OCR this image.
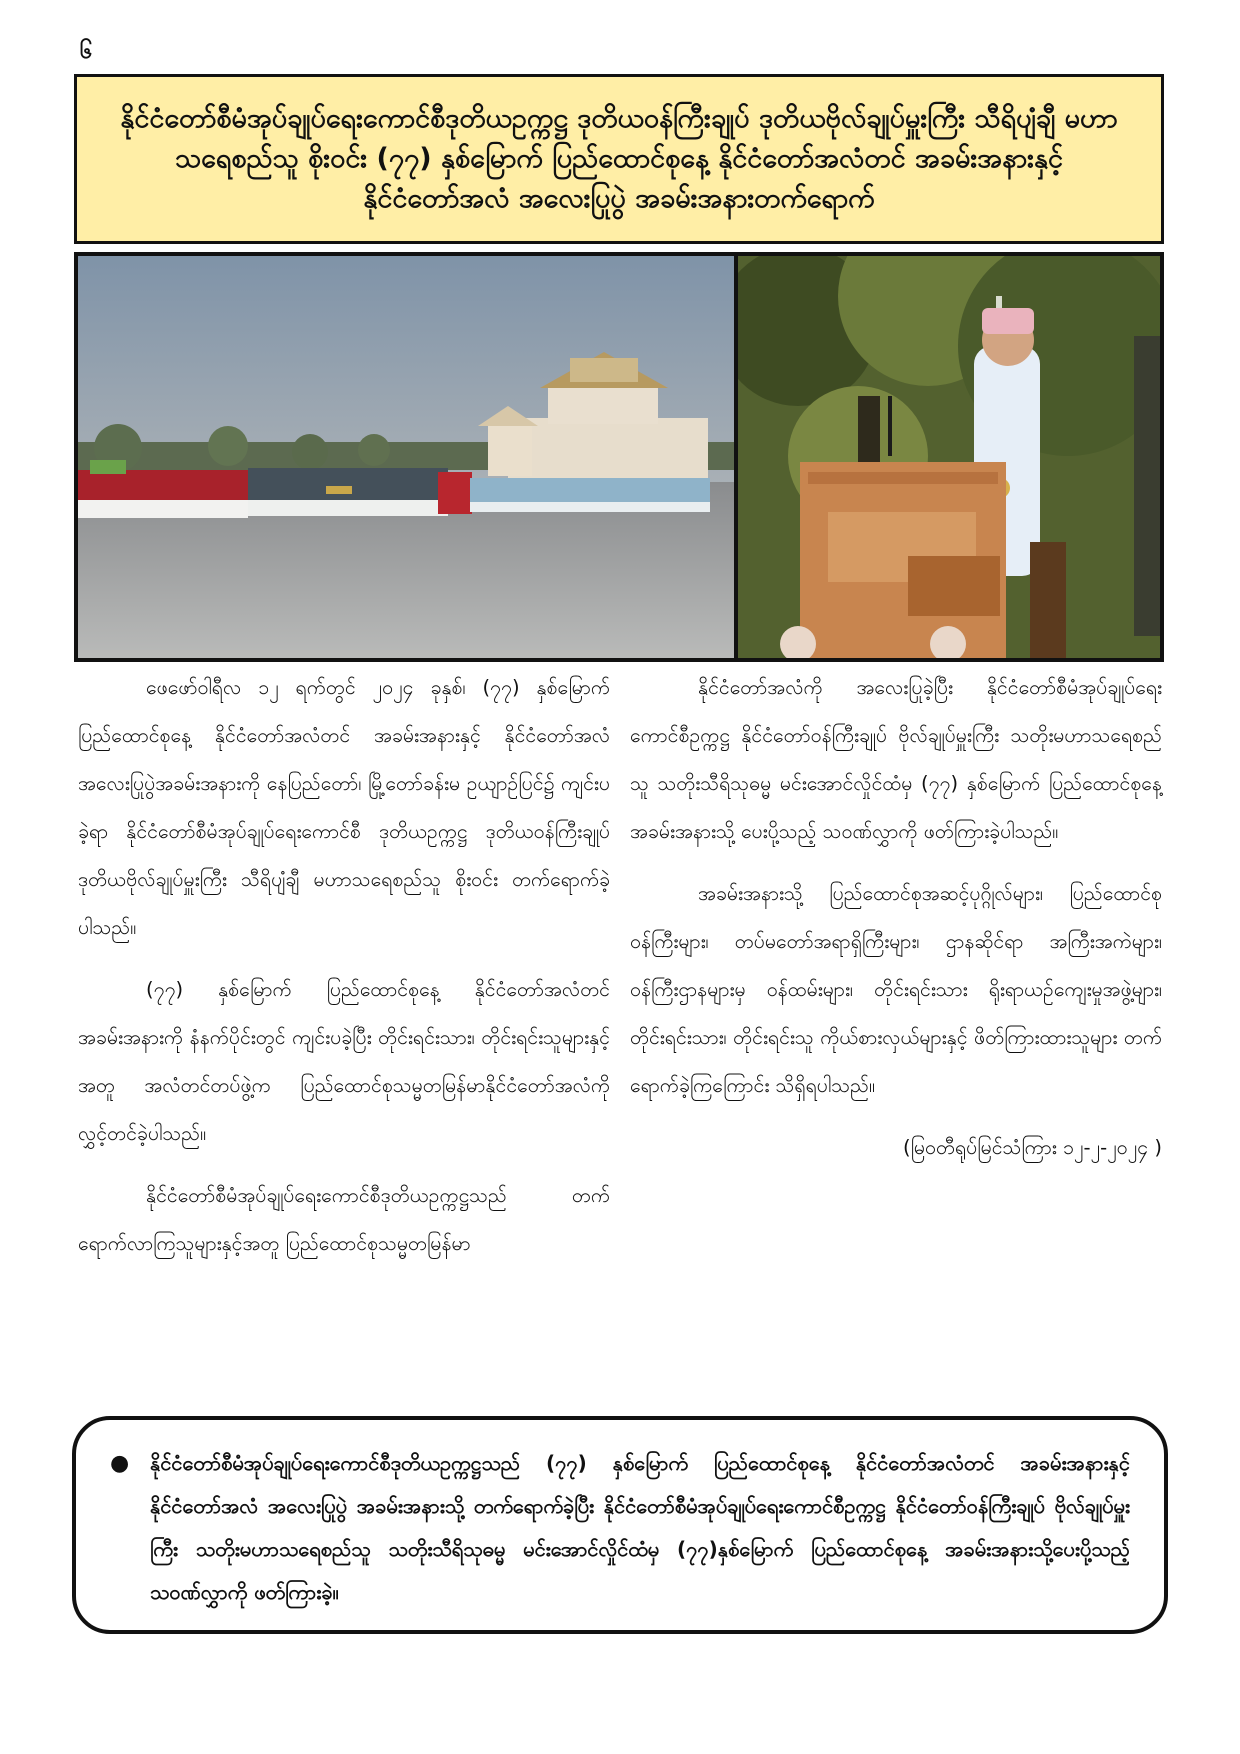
၆
နိုင်ငံတော်စီမံအုပ်ချုပ်ရေးကောင်စီဒုတိယဥက္ကဋ္ဌ ဒုတိယဝန်ကြီးချုပ် ဒုတိယဗိုလ်ချုပ်မှူးကြီး သီရိပျံချီ မဟာသရေစည်သူ စိုးဝင်း (၇၇) နှစ်မြောက် ပြည်ထောင်စုနေ့ နိုင်ငံတော်အလံတင် အခမ်းအနားနှင့် နိုင်ငံတော်အလံ အလေးပြုပွဲ အခမ်းအနားတက်ရောက်

ဖေဖော်ဝါရီလ ၁၂ ရက်တွင် ၂၀၂၄ ခုနှစ်၊ (၇၇) နှစ်မြောက် ပြည်ထောင်စုနေ့ နိုင်ငံတော်အလံတင် အခမ်းအနားနှင့် နိုင်ငံတော်အလံအလေးပြုပွဲအခမ်းအနားကို နေပြည်တော်၊ မြို့တော်ခန်းမ ဥယျာဉ်ပြင်၌ ကျင်းပခဲ့ရာ နိုင်ငံတော်စီမံအုပ်ချုပ်ရေးကောင်စီ ဒုတိယဥက္ကဋ္ဌ ဒုတိယဝန်ကြီးချုပ် ဒုတိယဗိုလ်ချုပ်မှူးကြီး သီရိပျံချီ မဟာသရေစည်သူ စိုးဝင်း တက်ရောက်ခဲ့ပါသည်။

(၇၇) နှစ်မြောက် ပြည်ထောင်စုနေ့ နိုင်ငံတော်အလံတင် အခမ်းအနားကို နံနက်ပိုင်းတွင် ကျင်းပခဲ့ပြီး တိုင်းရင်းသား၊ တိုင်းရင်းသူများနှင့်အတူ အလံတင်တပ်ဖွဲ့က ပြည်ထောင်စုသမ္မတမြန်မာနိုင်ငံတော်အလံကို လွှင့်တင်ခဲ့ပါသည်။

နိုင်ငံတော်စီမံအုပ်ချုပ်ရေးကောင်စီဒုတိယဥက္ကဋ္ဌသည် တက်ရောက်လာကြသူများနှင့်အတူ ပြည်ထောင်စုသမ္မတမြန်မာ

နိုင်ငံတော်အလံကို အလေးပြုခဲ့ပြီး နိုင်ငံတော်စီမံအုပ်ချုပ်ရေးကောင်စီဥက္ကဋ္ဌ နိုင်ငံတော်ဝန်ကြီးချုပ် ဗိုလ်ချုပ်မှူးကြီး သတိုးမဟာသရေစည်သူ သတိုးသီရိသုဓမ္မ မင်းအောင်လှိုင်ထံမှ (၇၇) နှစ်မြောက် ပြည်ထောင်စုနေ့အခမ်းအနားသို့ ပေးပို့သည့် သဝဏ်လွှာကို ဖတ်ကြားခဲ့ပါသည်။

အခမ်းအနားသို့ ပြည်ထောင်စုအဆင့်ပုဂ္ဂိုလ်များ၊ ပြည်ထောင်စုဝန်ကြီးများ၊ တပ်မတော်အရာရှိကြီးများ၊ ဌာနဆိုင်ရာ အကြီးအကဲများ၊ ဝန်ကြီးဌာနများမှ ဝန်ထမ်းများ၊ တိုင်းရင်းသား ရိုးရာယဉ်ကျေးမှုအဖွဲ့များ၊ တိုင်းရင်းသား၊ တိုင်းရင်းသူ ကိုယ်စားလှယ်များနှင့် ဖိတ်ကြားထားသူများ တက်ရောက်ခဲ့ကြကြောင်း သိရှိရပါသည်။

(မြဝတီရုပ်မြင်သံကြား ၁၂-၂-၂၀၂၄ )
●	နိုင်ငံတော်စီမံအုပ်ချုပ်ရေးကောင်စီဒုတိယဥက္ကဋ္ဌသည် (၇၇) နှစ်မြောက် ပြည်ထောင်စုနေ့ နိုင်ငံတော်အလံတင် အခမ်းအနားနှင့် နိုင်ငံတော်အလံ အလေးပြုပွဲ အခမ်းအနားသို့ တက်ရောက်ခဲ့ပြီး နိုင်ငံတော်စီမံအုပ်ချုပ်ရေးကောင်စီဥက္ကဋ္ဌ နိုင်ငံတော်ဝန်ကြီးချုပ် ဗိုလ်ချုပ်မှူးကြီး သတိုးမဟာသရေစည်သူ သတိုးသီရိသုဓမ္မ မင်းအောင်လှိုင်ထံမှ (၇၇)နှစ်မြောက် ပြည်ထောင်စုနေ့ အခမ်းအနားသို့ပေးပို့သည့် သဝဏ်လွှာကို ဖတ်ကြားခဲ့။
